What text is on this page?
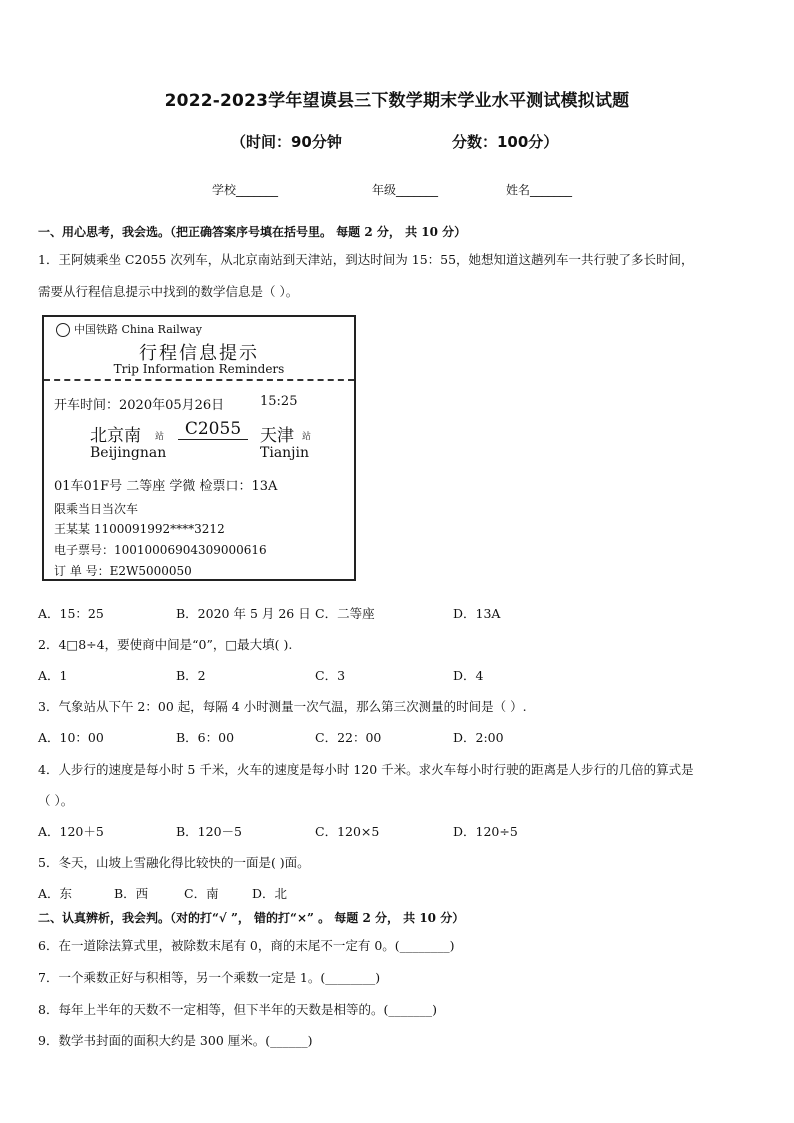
2022-2023学年望谟县三下数学期末学业水平测试模拟试题
（时间：90分钟	分数：100分）
学校_______	年级_______	姓名_______
一、用心思考，我会选。（把正确答案序号填在括号里。 每题 2 分， 共 10 分）
1．王阿姨乘坐 C2055 次列车，从北京南站到天津站，到达时间为 15：55，她想知道这趟列车一共行驶了多长时间，
需要从行程信息提示中找到的数学信息是（ ）。
中国铁路 China Railway
行程信息提示
Trip Information Reminders
开车时间：2020年05月26日	15:25
北京南 站	C2055	天津 站
Beijingnan	Tianjin
01车01F号 二等座 学微 检票口：13A
限乘当日当次车
王某某 1100091992****3212
电子票号：1001000690430900061​6
订 单 号：E2W5000050
A．15：25	B．2020 年 5 月 26 日 C．二等座	D．13A
2．4□8÷4，要使商中间是“0”，□最大填( ).
A．1	B．2	C．3	D．4
3．气象站从下午 2：00 起，每隔 4 小时测量一次气温，那么第三次测量的时间是（ ）.
A．10：00	B．6：00	C．22：00	D．2:00
4．人步行的速度是每小时 5 千米，火车的速度是每小时 120 千米。求火车每小时行驶的距离是人步行的几倍的算式是
（ ）。
A．120＋5	B．120－5	C．120×5	D．120÷5
5．冬天，山坡上雪融化得比较快的一面是( )面。
A．东	B．西	C．南	D．北
二、认真辨析，我会判。（对的打“√ ”， 错的打“×” 。 每题 2 分， 共 10 分）
6．在一道除法算式里，被除数末尾有 0，商的末尾不一定有 0。(________)
7．一个乘数正好与积相等，另一个乘数一定是 1。(________)
8．每年上半年的天数不一定相等，但下半年的天数是相等的。(_______)
9．数学书封面的面积大约是 300 厘米。(______)
